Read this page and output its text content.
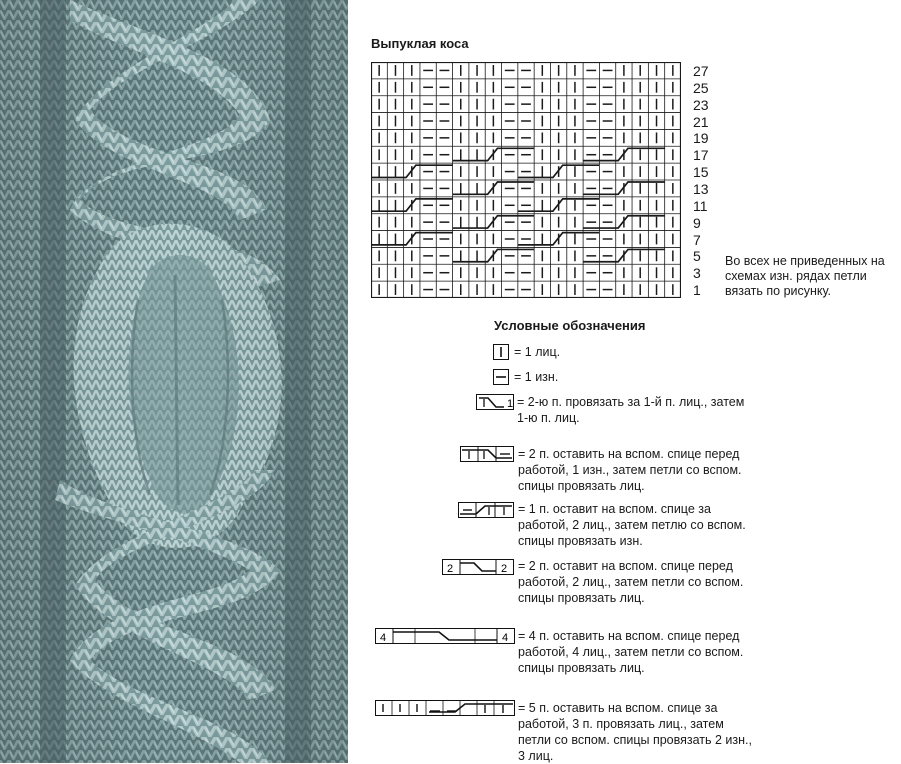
Выпуклая коса
27
25
23
21
19
17
15
13
11
9
7
5
3
1
Во всех не приведенных на схемах изн. рядах петли вязать по рисунку.
Условные обозначения
= 1 лиц.
= 1 изн.
1 = 2-ю п. провязать за 1-й п. лиц., затем 1-ю п. лиц.
= 2 п. оставить на вспом. спице перед работой, 1 изн., затем петли со вспом. спицы провязать лиц.
= 1 п. оставит на вспом. спице за работой, 2 лиц., затем петлю со вспом. спицы провязать изн.
2	2 = 2 п. оставит на вспом. спице перед работой, 2 лиц., затем петли со вспом. спицы провязать лиц.
4	4 = 4 п. оставить на вспом. спице перед работой, 4 лиц., затем петли со вспом. спицы провязать лиц.
= 5 п. оставить на вспом. спице за работой, 3 п. провязать лиц., затем петли со вспом. спицы провязать 2 изн., 3 лиц.
